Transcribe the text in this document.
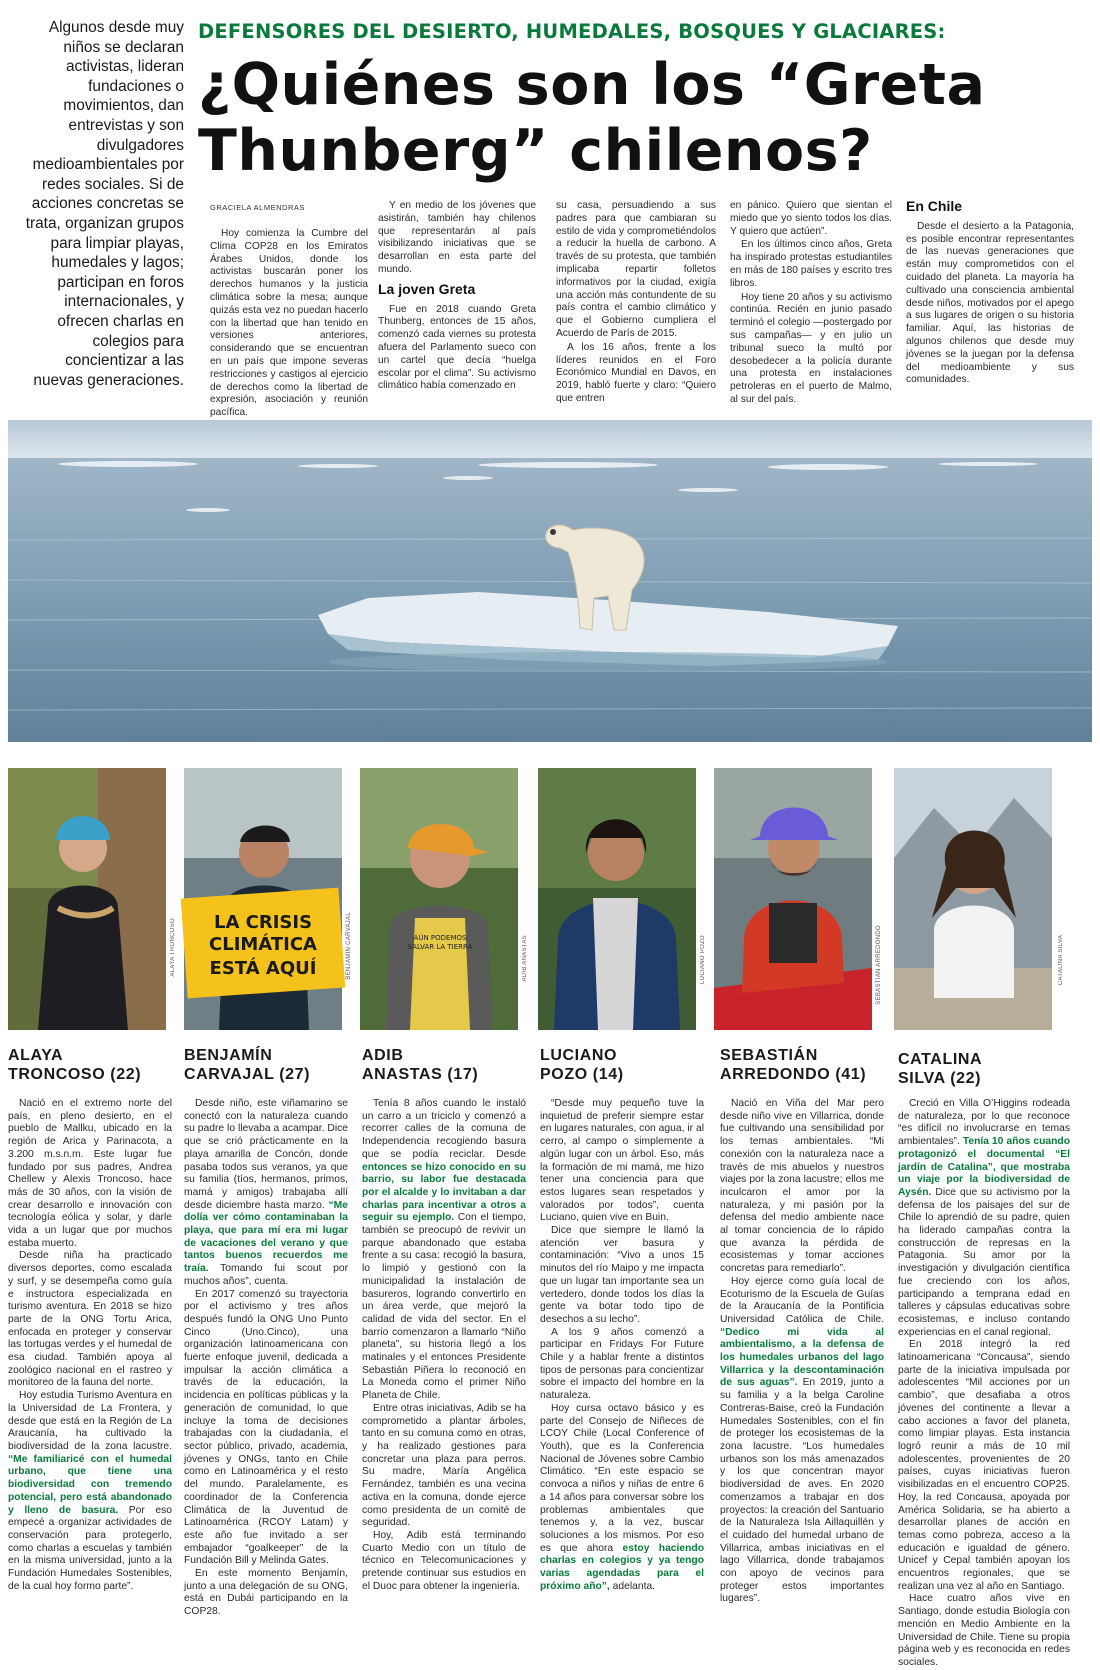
Algunos desde muy niños se declaran activistas, lideran fundaciones o movimientos, dan entrevistas y son divulgadores medioambientales por redes sociales. Si de acciones concretas se trata, organizan grupos para limpiar playas, humedales y lagos; participan en foros internacionales, y ofrecen charlas en colegios para concientizar a las nuevas generaciones.
DEFENSORES DEL DESIERTO, HUMEDALES, BOSQUES Y GLACIARES:
¿Quiénes son los “Greta Thunberg” chilenos?
GRACIELA ALMENDRAS

Hoy comienza la Cumbre del Clima COP28 en los Emiratos Árabes Unidos, donde los activistas buscarán poner los derechos humanos y la justicia climática sobre la mesa; aunque quizás esta vez no puedan hacerlo con la libertad que han tenido en versiones anteriores, considerando que se encuentran en un país que impone severas restricciones y castigos al ejercicio de derechos como la libertad de expresión, asociación y reunión pacífica.

Y en medio de los jóvenes que asistirán, también hay chilenos que representarán al país visibilizando iniciativas que se desarrollan en esta parte del mundo.

La joven Greta

Fue en 2018 cuando Greta Thunberg, entonces de 15 años, comenzó cada viernes su protesta afuera del Parlamento sueco con un cartel que decía “huelga escolar por el clima”. Su activismo climático había comenzado en

su casa, persuadiendo a sus padres para que cambiaran su estilo de vida y comprometiéndolos a reducir la huella de carbono. A través de su protesta, que también implicaba repartir folletos informativos por la ciudad, exigía una acción más contundente de su país contra el cambio climático y que el Gobierno cumpliera el Acuerdo de París de 2015.

A los 16 años, frente a los líderes reunidos en el Foro Económico Mundial en Davos, en 2019, habló fuerte y claro: “Quiero que entren

en pánico. Quiero que sientan el miedo que yo siento todos los días. Y quiero que actúen”.

En los últimos cinco años, Greta ha inspirado protestas estudiantiles en más de 180 países y escrito tres libros.

Hoy tiene 20 años y su activismo continúa. Recién en junio pasado terminó el colegio —postergado por sus campañas— y en julio un tribunal sueco la multó por desobedecer a la policía durante una protesta en instalaciones petroleras en el puerto de Malmo, al sur del país.

En Chile

Desde el desierto a la Patagonia, es posible encontrar representantes de las nuevas generaciones que están muy comprometidos con el cuidado del planeta. La mayoría ha cultivado una consciencia ambiental desde niños, motivados por el apego a sus lugares de origen o su historia familiar. Aquí, las historias de algunos chilenos que desde muy jóvenes se la juegan por la defensa del medioambiente y sus comunidades.

ALAYA TRONCOSO LA CRISIS
CLIMÁTICA
ESTÁ AQUÍ	BENJAMÍN CARVAJAL	AÚN PODEMOS
SALVAR LA TIERRA	ADIB ANASTAS	LUCIANO POZO	SEBASTIÁN ARREDONDO	CATALINA SILVA
ALAYA
TRONCOSO (22)
BENJAMÍN
CARVAJAL (27)
ADIB
ANASTAS (17)
LUCIANO
POZO (14)
SEBASTIÁN
ARREDONDO (41)
CATALINA
SILVA (22)

Nació en el extremo norte del país, en pleno desierto, en el pueblo de Mallku, ubicado en la región de Arica y Parinacota, a 3.200 m.s.n.m. Este lugar fue fundado por sus padres, Andrea Chellew y Alexis Troncoso, hace más de 30 años, con la visión de crear desarrollo e innovación con tecnología eólica y solar, y darle vida a un lugar que por muchos estaba muerto.

Desde niña ha practicado diversos deportes, como escalada y surf, y se desempeña como guía e instructora especializada en turismo aventura. En 2018 se hizo parte de la ONG Tortu Arica, enfocada en proteger y conservar las tortugas verdes y el humedal de esa ciudad. También apoya al zoológico nacional en el rastreo y monitoreo de la fauna del norte.

Hoy estudia Turismo Aventura en la Universidad de La Frontera, y desde que está en la Región de La Araucanía, ha cultivado la biodiversidad de la zona lacustre. “Me familiaricé con el humedal urbano, que tiene una biodiversidad con tremendo potencial, pero está abandonado y lleno de basura. Por eso empecé a organizar actividades de conservación para protegerlo, como charlas a escuelas y también en la misma universidad, junto a la Fundación Humedales Sostenibles, de la cual hoy formo parte”.

Desde niño, este viñamarino se conectó con la naturaleza cuando su padre lo llevaba a acampar. Dice que se crió prácticamente en la playa amarilla de Concón, donde pasaba todos sus veranos, ya que su familia (tíos, hermanos, primos, mamá y amigos) trabajaba allí desde diciembre hasta marzo. “Me dolía ver cómo contaminaban la playa, que para mí era mi lugar de vacaciones del verano y que tantos buenos recuerdos me traía. Tomando fui scout por muchos años”, cuenta.

En 2017 comenzó su trayectoria por el activismo y tres años después fundó la ONG Uno Punto Cinco (Uno.Cinco), una organización latinoamericana con fuerte enfoque juvenil, dedicada a impulsar la acción climática a través de la educación, la incidencia en políticas públicas y la generación de comunidad, lo que incluye la toma de decisiones trabajadas con la ciudadanía, el sector público, privado, academia, jóvenes y ONGs, tanto en Chile como en Latinoamérica y el resto del mundo. Paralelamente, es coordinador de la Conferencia Climática de la Juventud de Latinoamérica (RCOY Latam) y este año fue invitado a ser embajador “goalkeeper” de la Fundación Bill y Melinda Gates.

En este momento Benjamín, junto a una delegación de su ONG, está en Dubái participando en la COP28.

Tenía 8 años cuando le instaló un carro a un triciclo y comenzó a recorrer calles de la comuna de Independencia recogiendo basura que se podía reciclar. Desde entonces se hizo conocido en su barrio, su labor fue destacada por el alcalde y lo invitaban a dar charlas para incentivar a otros a seguir su ejemplo. Con el tiempo, también se preocupó de revivir un parque abandonado que estaba frente a su casa: recogió la basura, lo limpió y gestionó con la municipalidad la instalación de basureros, logrando convertirlo en un área verde, que mejoró la calidad de vida del sector. En el barrio comenzaron a llamarlo “Niño planeta”, su historia llegó a los matinales y el entonces Presidente Sebastián Piñera lo reconoció en La Moneda como el primer Niño Planeta de Chile.

Entre otras iniciativas, Adib se ha comprometido a plantar árboles, tanto en su comuna como en otras, y ha realizado gestiones para concretar una plaza para perros. Su madre, María Angélica Fernández, también es una vecina activa en la comuna, donde ejerce como presidenta de un comité de seguridad.

Hoy, Adib está terminando Cuarto Medio con un título de técnico en Telecomunicaciones y pretende continuar sus estudios en el Duoc para obtener la ingeniería.

“Desde muy pequeño tuve la inquietud de preferir siempre estar en lugares naturales, con agua, ir al cerro, al campo o simplemente a algún lugar con un árbol. Eso, más la formación de mi mamá, me hizo tener una conciencia para que estos lugares sean respetados y valorados por todos”, cuenta Luciano, quien vive en Buin.

Dice que siempre le llamó la atención ver basura y contaminación: “Vivo a unos 15 minutos del río Maipo y me impacta que un lugar tan importante sea un vertedero, donde todos los días la gente va botar todo tipo de desechos a su lecho”.

A los 9 años comenzó a participar en Fridays For Future Chile y a hablar frente a distintos tipos de personas para concientizar sobre el impacto del hombre en la naturaleza.

Hoy cursa octavo básico y es parte del Consejo de Niñeces de LCOY Chile (Local Conference of Youth), que es la Conferencia Nacional de Jóvenes sobre Cambio Climático. “En este espacio se convoca a niños y niñas de entre 6 a 14 años para conversar sobre los problemas ambientales que tenemos y, a la vez, buscar soluciones a los mismos. Por eso es que ahora estoy haciendo charlas en colegios y ya tengo varias agendadas para el próximo año”, adelanta.

Nació en Viña del Mar pero desde niño vive en Villarrica, donde fue cultivando una sensibilidad por los temas ambientales. “Mi conexión con la naturaleza nace a través de mis abuelos y nuestros viajes por la zona lacustre; ellos me inculcaron el amor por la naturaleza, y mi pasión por la defensa del medio ambiente nace al tomar conciencia de lo rápido que avanza la pérdida de ecosistemas y tomar acciones concretas para remediarlo”.

Hoy ejerce como guía local de Ecoturismo de la Escuela de Guías de la Araucanía de la Pontificia Universidad Católica de Chile. “Dedico mi vida al ambientalismo, a la defensa de los humedales urbanos del lago Villarrica y la descontaminación de sus aguas”. En 2019, junto a su familia y a la belga Caroline Contreras-Baise, creó la Fundación Humedales Sostenibles, con el fin de proteger los ecosistemas de la zona lacustre. “Los humedales urbanos son los más amenazados y los que concentran mayor biodiversidad de aves. En 2020 comenzamos a trabajar en dos proyectos: la creación del Santuario de la Naturaleza Isla Aillaquillén y el cuidado del humedal urbano de Villarrica, ambas iniciativas en el lago Villarrica, donde trabajamos con apoyo de vecinos para proteger estos importantes lugares”.

Creció en Villa O’Higgins rodeada de naturaleza, por lo que reconoce “es difícil no involucrarse en temas ambientales”. Tenía 10 años cuando protagonizó el documental “El jardín de Catalina”, que mostraba un viaje por la biodiversidad de Aysén. Dice que su activismo por la defensa de los paisajes del sur de Chile lo aprendió de su padre, quien ha liderado campañas contra la construcción de represas en la Patagonia. Su amor por la investigación y divulgación científica fue creciendo con los años, participando a temprana edad en talleres y cápsulas educativas sobre ecosistemas, e incluso contando experiencias en el canal regional.

En 2018 integró la red latinoamericana “Concausa”, siendo parte de la iniciativa impulsada por adolescentes “Mil acciones por un cambio”, que desafiaba a otros jóvenes del continente a llevar a cabo acciones a favor del planeta, como limpiar playas. Esta instancia logró reunir a más de 10 mil adolescentes, provenientes de 20 países, cuyas iniciativas fueron visibilizadas en el encuentro COP25. Hoy, la red Concausa, apoyada por América Solidaria, se ha abierto a desarrollar planes de acción en temas como pobreza, acceso a la educación e igualdad de género. Unicef y Cepal también apoyan los encuentros regionales, que se realizan una vez al año en Santiago.

Hace cuatro años vive en Santiago, donde estudia Biología con mención en Medio Ambiente en la Universidad de Chile. Tiene su propia página web y es reconocida en redes sociales.
